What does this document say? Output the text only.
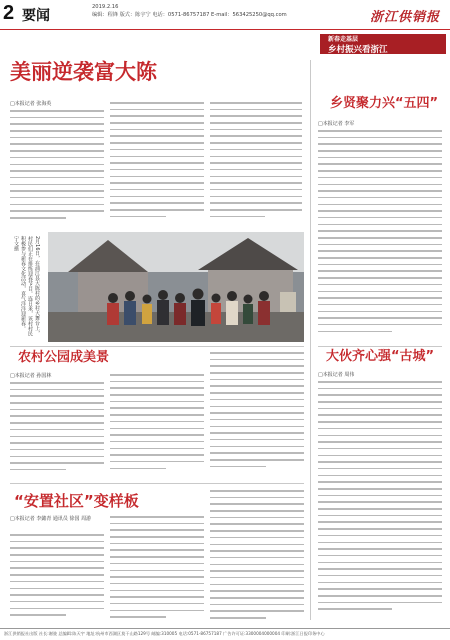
2 要闻
2019.2.16
编辑：程锋 版式：陈宇宁 电话：0571-86757187 E-mail：563425250@qq.com	浙江供销报
新春走基层
乡村振兴看浙江
美丽逆袭富大陈
□本报记者 张海英
2月16日，在浦江县大陈村的乡村大舞台上，村民们正在排练迎春节目。连日来，该村村民积极参与新春文化活动，喜气洋洋迎新春。 宁文摄
乡贤聚力兴“五四”
□本报记者 李军
农村公园成美景
□本报记者 孙国林
大伙齐心强“古城”
□本报记者 周伟
“安置社区”变样板
□本报记者 李懿青 通讯员 徐国 周游
浙江供销报社出版 社长:谢骏 总编辑:陈天宇 地址:杭州市西湖区莫干山路129号 邮编:310005 电话:0571-86757187 广告许可证:3300004000004 印刷:浙江日报印务中心
